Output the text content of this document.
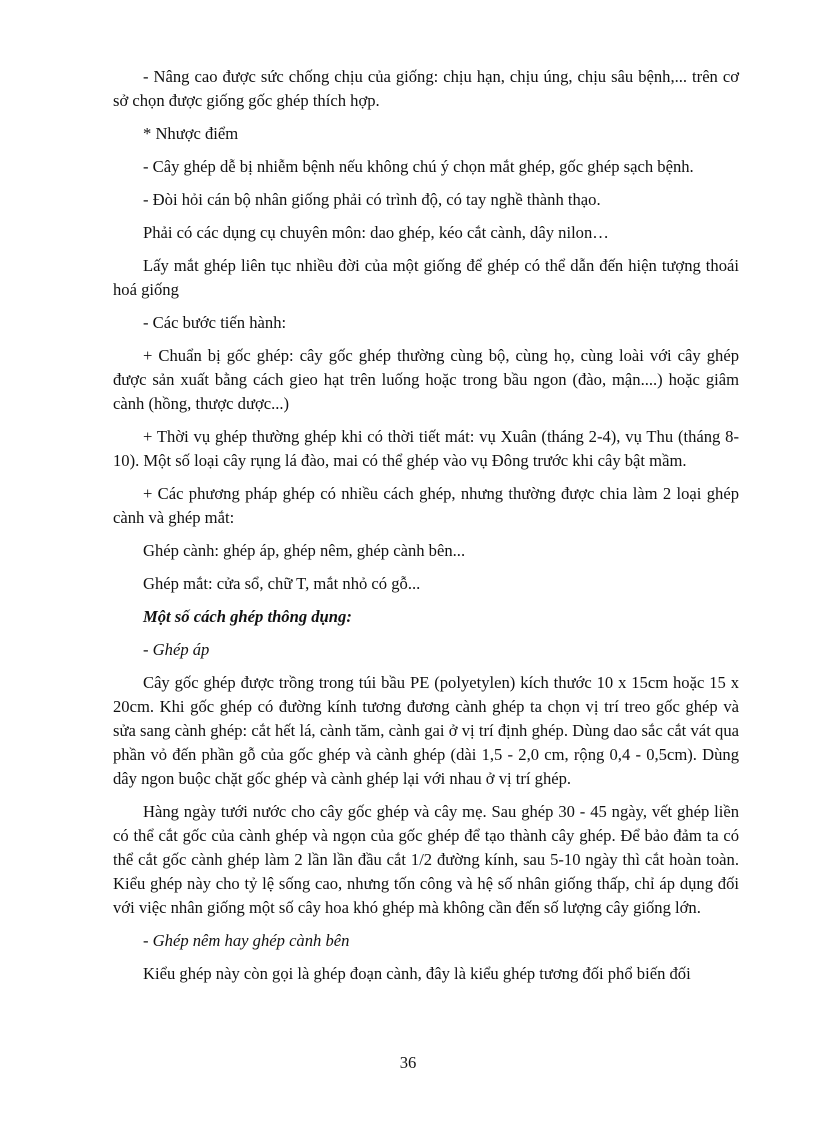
- Nâng cao được sức chống chịu của giống: chịu hạn, chịu úng, chịu sâu bệnh,... trên cơ sở chọn được giống gốc ghép thích hợp.

* Nhược điểm

- Cây ghép dễ bị nhiễm bệnh nếu không chú ý chọn mắt ghép, gốc ghép sạch bệnh.

- Đòi hỏi cán bộ nhân giống phải có trình độ, có tay nghề thành thạo.

Phải có các dụng cụ chuyên môn: dao ghép, kéo cắt cành, dây nilon…

Lấy mắt ghép liên tục nhiều đời của một giống để ghép có thể dẫn đến hiện tượng thoái hoá giống

- Các bước tiến hành:

+ Chuẩn bị gốc ghép: cây gốc ghép thường cùng bộ, cùng họ, cùng loài với cây ghép được sản xuất bằng cách gieo hạt trên luống hoặc trong bầu ngon (đào, mận....) hoặc giâm cành (hồng, thược dược...)

+ Thời vụ ghép thường ghép khi có thời tiết mát: vụ Xuân (tháng 2-4), vụ Thu (tháng 8-10). Một số loại cây rụng lá đào, mai có thể ghép vào vụ Đông trước khi cây bật mầm.

+ Các phương pháp ghép có nhiều cách ghép, nhưng thường được chia làm 2 loại ghép cành và ghép mắt:

Ghép cành: ghép áp, ghép nêm, ghép cành bên...

Ghép mắt: cửa sổ, chữ T, mắt nhỏ có gỗ...

Một số cách ghép thông dụng:

- Ghép áp

Cây gốc ghép được trồng trong túi bầu PE (polyetylen) kích thước 10 x 15cm hoặc 15 x 20cm. Khi gốc ghép có đường kính tương đương cành ghép ta chọn vị trí treo gốc ghép và sửa sang cành ghép: cắt hết lá, cành tăm, cành gai ở vị trí định ghép. Dùng dao sắc cắt vát qua phần vỏ đến phần gỗ của gốc ghép và cành ghép (dài 1,5 - 2,0 cm, rộng 0,4 - 0,5cm). Dùng dây ngon buộc chặt gốc ghép và cành ghép lại với nhau ở vị trí ghép.

Hàng ngày tưới nước cho cây gốc ghép và cây mẹ. Sau ghép 30 - 45 ngày, vết ghép liền có thể cắt gốc của cành ghép và ngọn của gốc ghép để tạo thành cây ghép. Để bảo đảm ta có thể cắt gốc cành ghép làm 2 lần lần đầu cắt 1/2 đường kính, sau 5-10 ngày thì cắt hoàn toàn. Kiểu ghép này cho tỷ lệ sống cao, nhưng tốn công và hệ số nhân giống thấp, chỉ áp dụng đối với việc nhân giống một số cây hoa khó ghép mà không cần đến số lượng cây giống lớn.

- Ghép nêm hay ghép cành bên

Kiểu ghép này còn gọi là ghép đoạn cành, đây là kiểu ghép tương đối phổ biến đối

36
